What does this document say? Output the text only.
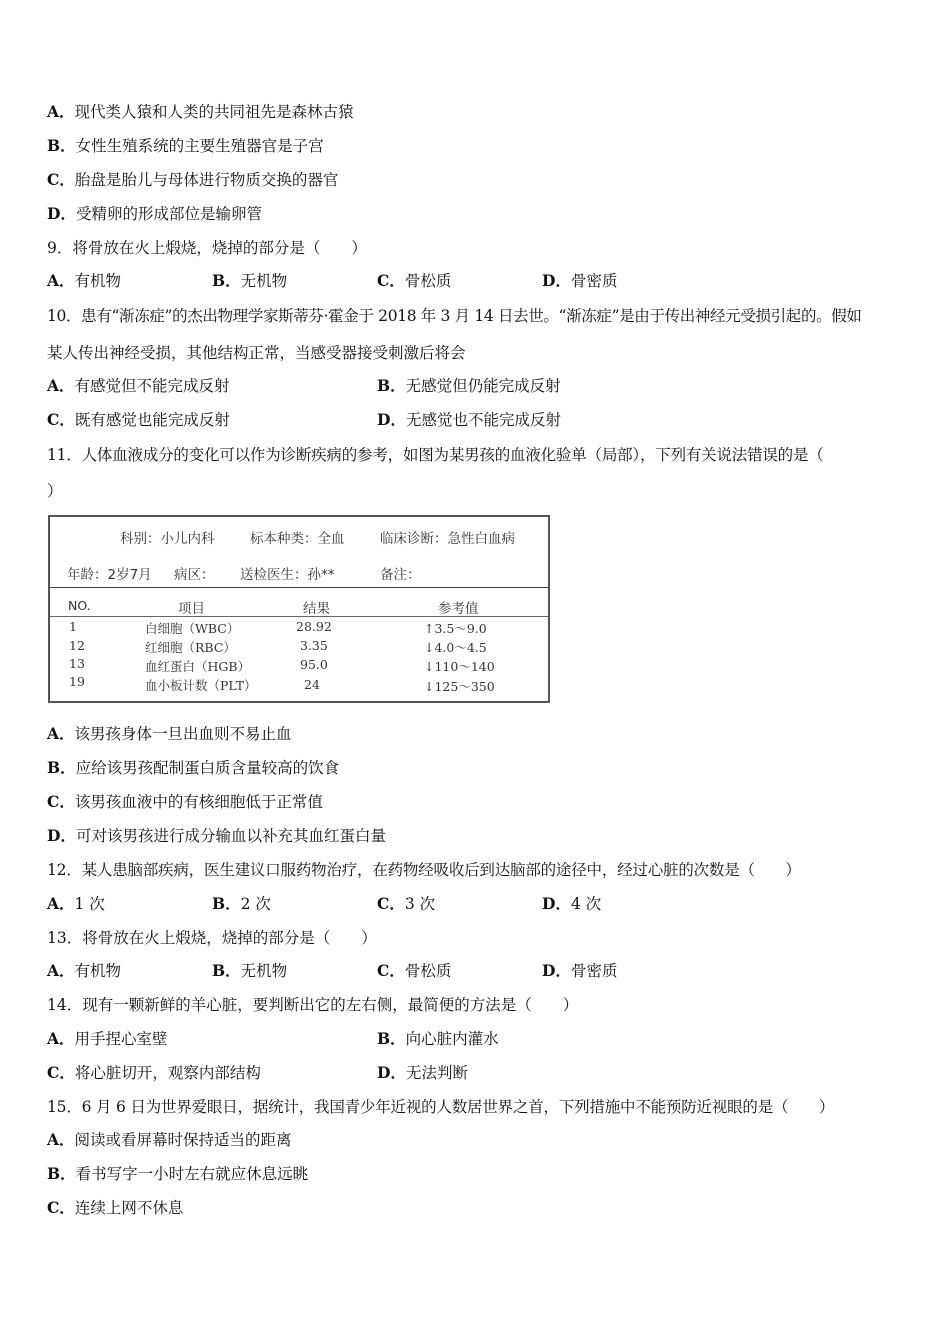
A．现代类人猿和人类的共同祖先是森林古猿
B．女性生殖系统的主要生殖器官是子宫
C．胎盘是胎儿与母体进行物质交换的器官
D．受精卵的形成部位是输卵管
9．将骨放在火上煅烧，烧掉的部分是（　　）
A．有机物	B．无机物	C．骨松质	D．骨密质
10．患有“渐冻症”的杰出物理学家斯蒂芬·霍金于 2018 年 3 月 14 日去世。“渐冻症”是由于传出神经元受损引起的。假如
某人传出神经受损，其他结构正常，当感受器接受刺激后将会
A．有感觉但不能完成反射	B．无感觉但仍能完成反射
C．既有感觉也能完成反射	D．无感觉也不能完成反射
11．人体血液成分的变化可以作为诊断疾病的参考，如图为某男孩的血液化验单（局部），下列有关说法错误的是（
）
科别：小儿内科	标本种类：全血	临床诊断：急性白血病
年龄：2岁7月 病区： 送检医生：孙**	备注：
NO.	项目	结果	参考值
1	白细胞（WBC）	28.92	↑3.5～9.0
12	红细胞（RBC）	3.35	↓4.0～4.5
13	血红蛋白（HGB）	95.0	↓110～140
19	血小板计数（PLT）	24	↓125～350
A．该男孩身体一旦出血则不易止血
B．应给该男孩配制蛋白质含量较高的饮食
C．该男孩血液中的有核细胞低于正常值
D．可对该男孩进行成分输血以补充其血红蛋白量
12．某人患脑部疾病，医生建议口服药物治疗，在药物经吸收后到达脑部的途径中，经过心脏的次数是（　　）
A．1 次	B．2 次	C．3 次	D．4 次
13．将骨放在火上煅烧，烧掉的部分是（　　）
A．有机物	B．无机物	C．骨松质	D．骨密质
14．现有一颗新鲜的羊心脏，要判断出它的左右侧，最简便的方法是（　　）
A．用手捏心室壁	B．向心脏内灌水
C．将心脏切开，观察内部结构	D．无法判断
15．6 月 6 日为世界爱眼日，据统计，我国青少年近视的人数居世界之首，下列措施中不能预防近视眼的是（　　）
A．阅读或看屏幕时保持适当的距离
B．看书写字一小时左右就应休息远眺
C．连续上网不休息
